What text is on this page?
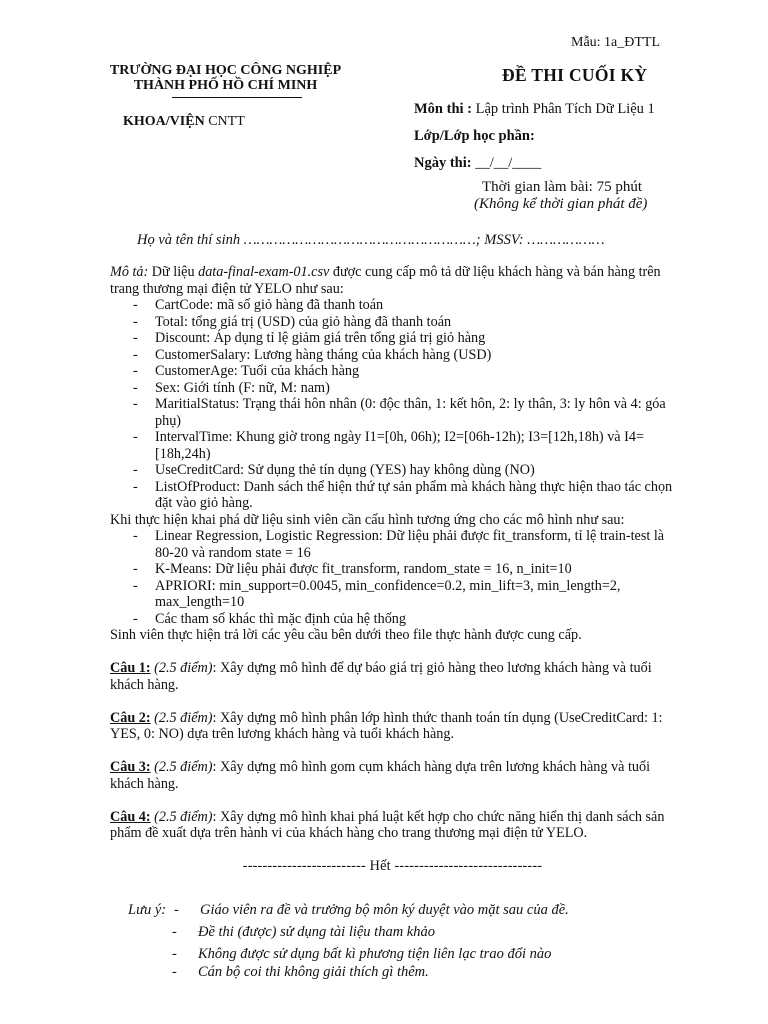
Mẫu: 1a_ĐTTL
TRƯỜNG ĐẠI HỌC CÔNG NGHIỆP
THÀNH PHỐ HỒ CHÍ MINH
KHOA/VIỆN CNTT
ĐỀ THI CUỐI KỲ
Môn thi : Lập trình Phân Tích Dữ Liệu 1
Lớp/Lớp học phần:
Ngày thi: __/__/____
Thời gian làm bài: 75 phút
(Không kể thời gian phát đề)
Họ và tên thí sinh ………………………………………………; MSSV: ………………

Mô tả: Dữ liệu data-final-exam-01.csv được cung cấp mô tả dữ liệu khách hàng và bán hàng trên trang thương mại điện tử YELO như sau:

- CartCode: mã số giỏ hàng đã thanh toán
- Total: tổng giá trị (USD) của giỏ hàng đã thanh toán
- Discount: Áp dụng tỉ lệ giảm giá trên tổng giá trị giỏ hàng
- CustomerSalary: Lương hàng tháng của khách hàng (USD)
- CustomerAge: Tuổi của khách hàng
- Sex: Giới tính (F: nữ, M: nam)
- MaritialStatus: Trạng thái hôn nhân (0: độc thân, 1: kết hôn, 2: ly thân, 3: ly hôn và 4: góa phụ)
- IntervalTime: Khung giờ trong ngày I1=[0h, 06h); I2=[06h-12h); I3=[12h,18h) và I4=[18h,24h)
- UseCreditCard: Sử dụng thẻ tín dụng (YES) hay không dùng (NO)
- ListOfProduct: Danh sách thể hiện thứ tự sản phẩm mà khách hàng thực hiện thao tác chọn đặt vào giỏ hàng.

Khi thực hiện khai phá dữ liệu sinh viên cần cấu hình tương ứng cho các mô hình như sau:

- Linear Regression, Logistic Regression: Dữ liệu phải được fit_transform, tỉ lệ train-test là 80-20 và random state = 16
- K-Means: Dữ liệu phải được fit_transform, random_state = 16, n_init=10
- APRIORI: min_support=0.0045, min_confidence=0.2, min_lift=3, min_length=2, max_length=10
- Các tham số khác thì mặc định của hệ thống

Sinh viên thực hiện trả lời các yêu cầu bên dưới theo file thực hành được cung cấp.

Câu 1: (2.5 điểm): Xây dựng mô hình để dự báo giá trị giỏ hàng theo lương khách hàng và tuổi khách hàng.

Câu 2: (2.5 điểm): Xây dựng mô hình phân lớp hình thức thanh toán tín dụng (UseCreditCard: 1: YES, 0: NO) dựa trên lương khách hàng và tuổi khách hàng.

Câu 3: (2.5 điểm): Xây dựng mô hình gom cụm khách hàng dựa trên lương khách hàng và tuổi khách hàng.

Câu 4: (2.5 điểm): Xây dựng mô hình khai phá luật kết hợp cho chức năng hiển thị danh sách sản phẩm đề xuất dựa trên hành vi của khách hàng cho trang thương mại điện tử YELO.

------------------------- Hết ------------------------------

Lưu ý: - Giáo viên ra đề và trưởng bộ môn ký duyệt vào mặt sau của đề.
- Đề thi (được) sử dụng tài liệu tham khảo
- Không được sử dụng bất kì phương tiện liên lạc trao đổi nào
- Cán bộ coi thi không giải thích gì thêm.
